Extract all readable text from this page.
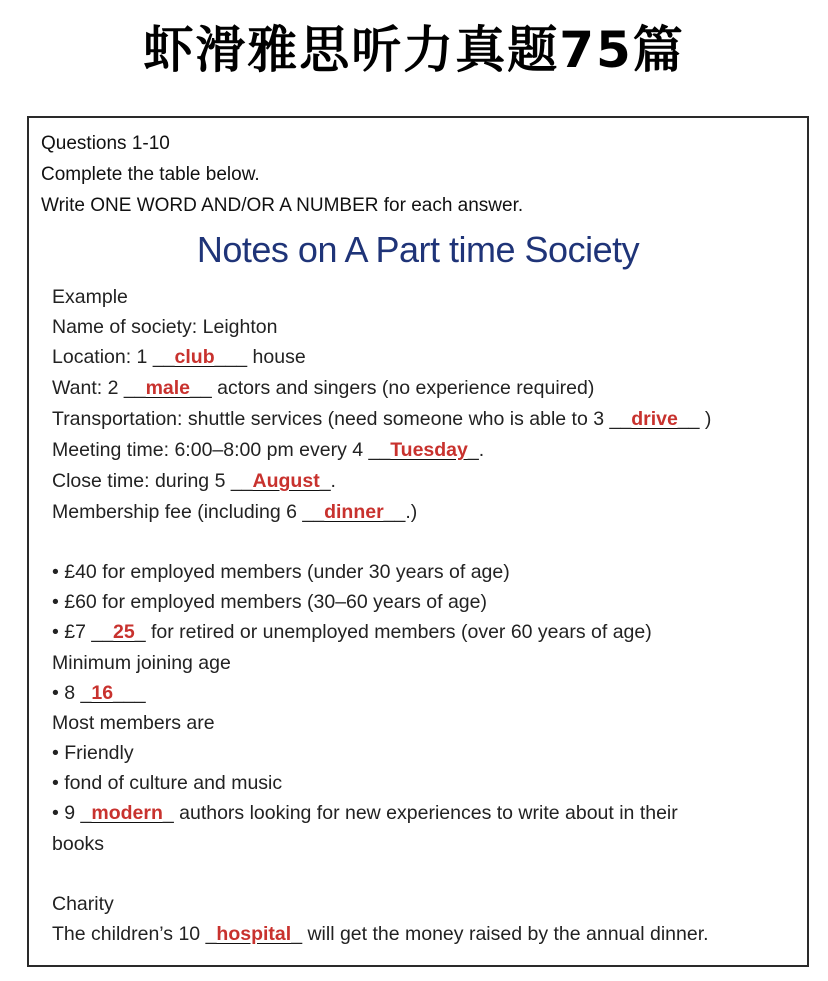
虾滑雅思听力真题75篇
Questions 1-10
Complete the table below.
Write ONE WORD AND/OR A NUMBER for each answer.
Notes on A Part time Society
Example
Name of society: Leighton
Location: 1 __club___ house
Want: 2 __male__ actors and singers (no experience required)
Transportation: shuttle services (need someone who is able to 3 __drive__ )
Meeting time: 6:00–8:00 pm every 4 __Tuesday_.
Close time: during 5 __August_.
Membership fee (including 6 __dinner__.)
• £40 for employed members (under 30 years of age)
• £60 for employed members (30–60 years of age)
• £7 __25_ for retired or unemployed members (over 60 years of age)
Minimum joining age
• 8 _16___
Most members are
• Friendly
• fond of culture and music
• 9 _modern_ authors looking for new experiences to write about in their
books
Charity
The children’s 10 _hospital_ will get the money raised by the annual dinner.
